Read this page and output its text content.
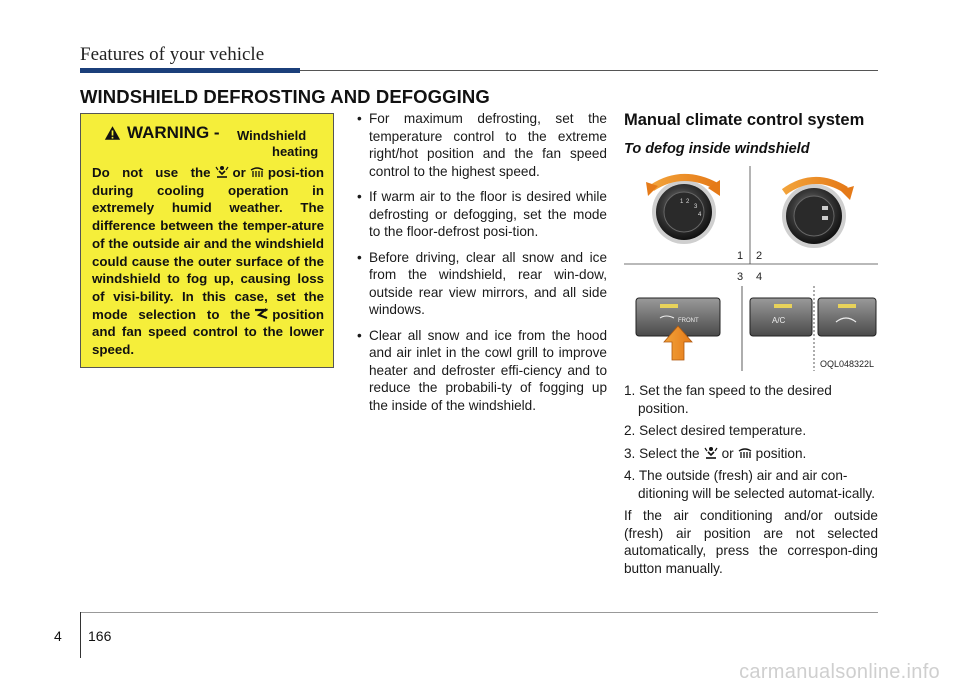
Features of your vehicle
WINDSHIELD DEFROSTING AND DEFOGGING
WARNING - Windshield
heating
Do not use the or posi-tion during cooling operation in extremely humid weather. The difference between the temper-ature of the outside air and the windshield could cause the outer surface of the windshield to fog up, causing loss of visi-bility. In this case, set the mode selection to the position and fan speed control to the lower speed.
• For maximum defrosting, set the temperature control to the extreme right/hot position and the fan speed control to the highest speed.
• If warm air to the floor is desired while defrosting or defogging, set the mode to the floor-defrost posi-tion.
• Before driving, clear all snow and ice from the windshield, rear win-dow, outside rear view mirrors, and all side windows.
• Clear all snow and ice from the hood and air inlet in the cowl grill to improve heater and defroster effi-ciency and to reduce the probabili-ty of fogging up the inside of the windshield.
Manual climate control system
To defog inside windshield
2
3
4
1
1 2
3 4
FRONT	A/C
OQL048322L
1. Set the fan speed to the desired position.
2. Select desired temperature.
3. Select the or position.
4. The outside (fresh) air and air con-ditioning will be selected automat-ically.
If the air conditioning and/or outside (fresh) air position are not selected automatically, press the correspon-ding button manually.
4 166
carmanualsonline.info
